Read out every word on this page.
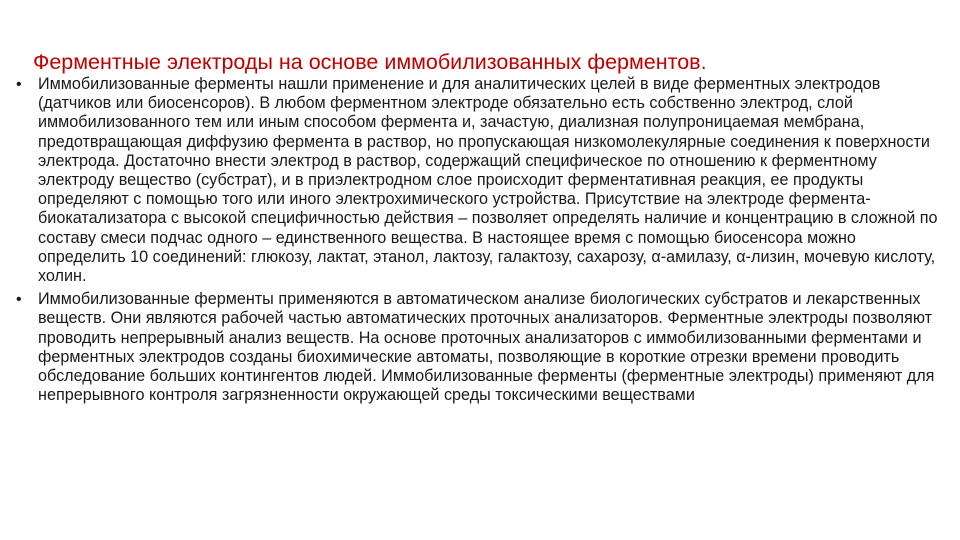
Ферментные электроды на основе иммобилизованных ферментов.
• Иммобилизованные ферменты нашли применение и для аналитических целей в виде ферментных электродов (датчиков или биосенсоров). В любом ферментном электроде обязательно есть собственно электрод, слой иммобилизованного тем или иным способом фермента и, зачастую, диализная полупроницаемая мембрана, предотвращающая диффузию фермента в раствор, но пропускающая низкомолекулярные соединения к поверхности электрода. Достаточно внести электрод в раствор, содержащий специфическое по отношению к ферментному электроду вещество (субстрат), и в приэлектродном слое происходит ферментативная реакция, ее продукты определяют с помощью того или иного электрохимического устройства. Присутствие на электроде фермента-биокатализатора с высокой специфичностью действия – позволяет определять наличие и концентрацию в сложной по составу смеси подчас одного – единственного вещества. В настоящее время с помощью биосенсора можно определить 10 соединений: глюкозу, лактат, этанол, лактозу, галактозу, сахарозу, α-амилазу, α-лизин, мочевую кислоту, холин.
• Иммобилизованные ферменты применяются в автоматическом анализе биологических субстратов и лекарственных веществ. Они являются рабочей частью автоматических проточных анализаторов. Ферментные электроды позволяют проводить непрерывный анализ веществ. На основе проточных анализаторов с иммобилизованными ферментами и ферментных электродов созданы биохимические автоматы, позволяющие в короткие отрезки времени проводить обследование больших контингентов людей. Иммобилизованные ферменты (ферментные электроды) применяют для непрерывного контроля загрязненности окружающей среды токсическими веществами
